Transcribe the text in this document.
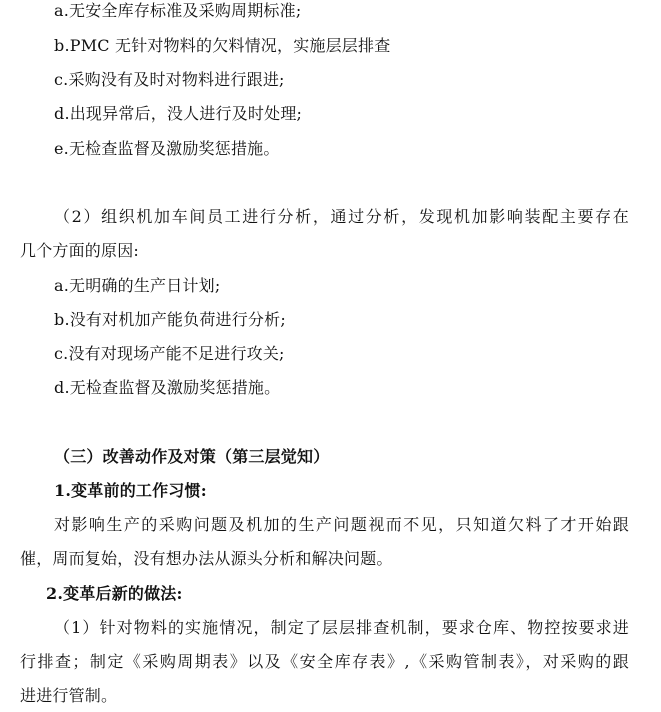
a.无安全库存标准及采购周期标准;
b.PMC 无针对物料的欠料情况，实施层层排查
c.采购没有及时对物料进行跟进;
d.出现异常后，没人进行及时处理;
e.无检查监督及激励奖惩措施。
（2）组织机加车间员工进行分析，通过分析，发现机加影响装配主要存在
几个方面的原因:
a.无明确的生产日计划;
b.没有对机加产能负荷进行分析;
c.没有对现场产能不足进行攻关;
d.无检查监督及激励奖惩措施。
（三）改善动作及对策（第三层觉知）
1.变革前的工作习惯:
对影响生产的采购问题及机加的生产问题视而不见，只知道欠料了才开始跟
催，周而复始，没有想办法从源头分析和解决问题。
2.变革后新的做法:
（1）针对物料的实施情况，制定了层层排查机制，要求仓库、物控按要求进
行排查；制定《采购周期表》以及《安全库存表》,《采购管制表》，对采购的跟
进进行管制。
